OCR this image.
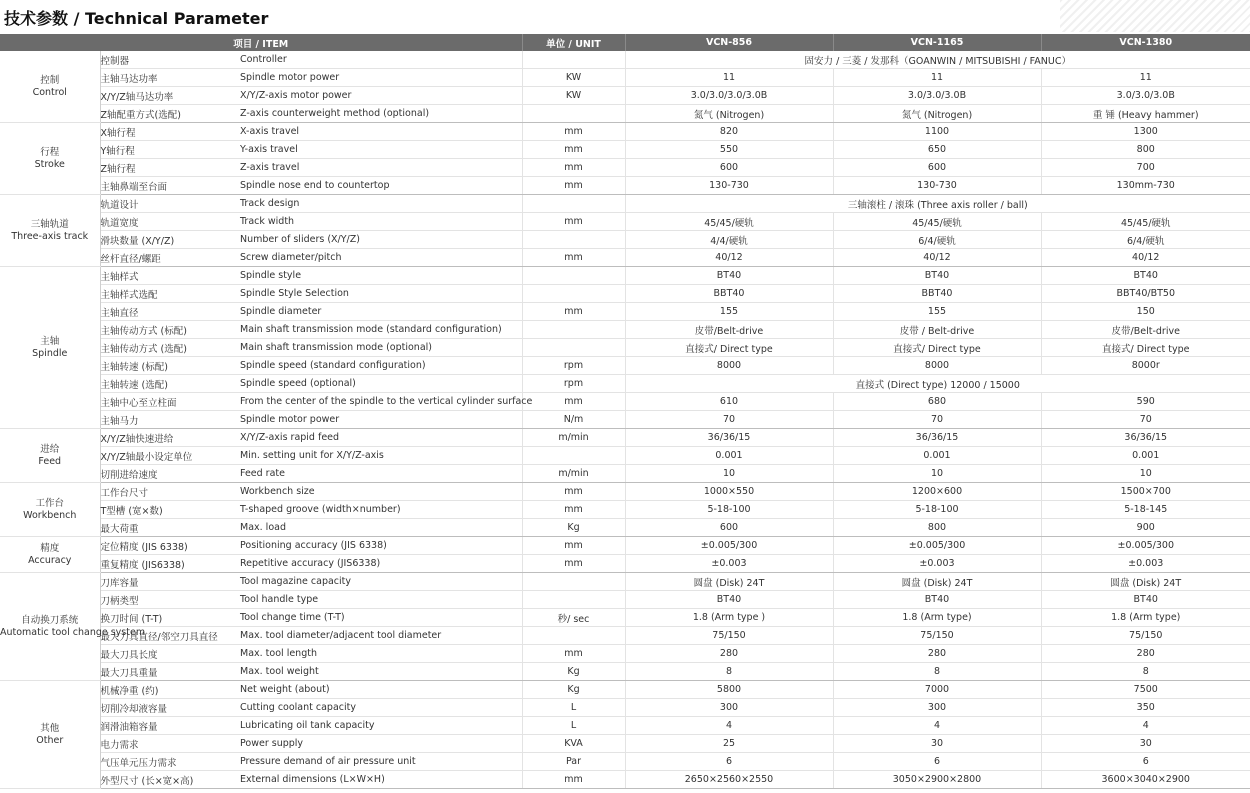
技术参数 / Technical Parameter
项目 / ITEM			单位 / UNIT	VCN-856	VCN-1165	VCN-1380

控制
Control	控制器	Controller		固安力 / 三菱 / 发那科（GOANWIN / MITSUBISHI / FANUC）		
	主轴马达功率	Spindle motor power	KW	11	11	11
	X/Y/Z轴马达功率	X/Y/Z-axis motor power	KW	3.0/3.0/3.0/3.0B	3.0/3.0/3.0B	3.0/3.0/3.0B
	Z轴配重方式(选配)	Z-axis counterweight method (optional)		氮气 (Nitrogen)	氮气 (Nitrogen)	重 锤 (Heavy hammer)

行程
Stroke	X轴行程	X-axis travel	mm	820	1100	1300
	Y轴行程	Y-axis travel	mm	550	650	800
	Z轴行程	Z-axis travel	mm	600	600	700
	主轴鼻端至台面	Spindle nose end to countertop	mm	130-730	130-730	130mm-730

三轴轨道
Three-axis track	轨道设计	Track design		三轴滚柱 / 滚珠 (Three axis roller / ball)		
	轨道宽度	Track width	mm	45/45/硬轨	45/45/硬轨	45/45/硬轨
	滑块数量 (X/Y/Z)	Number of sliders (X/Y/Z)		4/4/硬轨	6/4/硬轨	6/4/硬轨
	丝杆直径/螺距	Screw diameter/pitch	mm	40/12	40/12	40/12

主轴
Spindle	主轴样式	Spindle style		BT40	BT40	BT40
	主轴样式选配	Spindle Style Selection		BBT40	BBT40	BBT40/BT50
	主轴直径	Spindle diameter	mm	155	155	150
	主轴传动方式 (标配)	Main shaft transmission mode (standard configuration)		皮带/Belt-drive	皮带 / Belt-drive	皮带/Belt-drive
	主轴传动方式 (选配)	Main shaft transmission mode (optional)		直接式/ Direct type	直接式/ Direct type	直接式/ Direct type
	主轴转速 (标配)	Spindle speed (standard configuration)	rpm	8000	8000	8000r
	主轴转速 (选配)	Spindle speed (optional)	rpm	直接式 (Direct type) 12000 / 15000		
	主轴中心至立柱面	From the center of the spindle to the vertical cylinder surface	mm	610	680	590
	主轴马力	Spindle motor power	N/m	70	70	70

进给
Feed	X/Y/Z轴快速进给	X/Y/Z-axis rapid feed	m/min	36/36/15	36/36/15	36/36/15
	X/Y/Z轴最小设定单位	Min. setting unit for X/Y/Z-axis		0.001	0.001	0.001
	切削进给速度	Feed rate	m/min	10	10	10

工作台
Workbench	工作台尺寸	Workbench size	mm	1000×550	1200×600	1500×700
	T型槽 (宽×数)	T-shaped groove (width×number)	mm	5-18-100	5-18-100	5-18-145
	最大荷重	Max. load	Kg	600	800	900

精度
Accuracy	定位精度 (JIS 6338)	Positioning accuracy (JIS 6338)	mm	±0.005/300	±0.005/300	±0.005/300
	重复精度 (JIS6338)	Repetitive accuracy (JIS6338)	mm	±0.003	±0.003	±0.003

自动换刀系统
Automatic tool change system	刀库容量	Tool magazine capacity		圆盘 (Disk) 24T	圆盘 (Disk) 24T	圆盘 (Disk) 24T
	刀柄类型	Tool handle type		BT40	BT40	BT40
	换刀时间 (T-T)	Tool change time (T-T)	秒/ sec	1.8 (Arm type )	1.8 (Arm type)	1.8 (Arm type)
	最大刀具直径/邻空刀具直径	Max. tool diameter/adjacent tool diameter		75/150	75/150	75/150
	最大刀具长度	Max. tool length	mm	280	280	280
	最大刀具重量	Max. tool weight	Kg	8	8	8

其他
Other	机械净重 (约)	Net weight (about)	Kg	5800	7000	7500
	切削冷却液容量	Cutting coolant capacity	L	300	300	350
	润滑油箱容量	Lubricating oil tank capacity	L	4	4	4
	电力需求	Power supply	KVA	25	30	30
	气压单元压力需求	Pressure demand of air pressure unit	Par	6	6	6
	外型尺寸 (长×宽×高)	External dimensions (L×W×H)	mm	2650×2560×2550	3050×2900×2800	3600×3040×2900
